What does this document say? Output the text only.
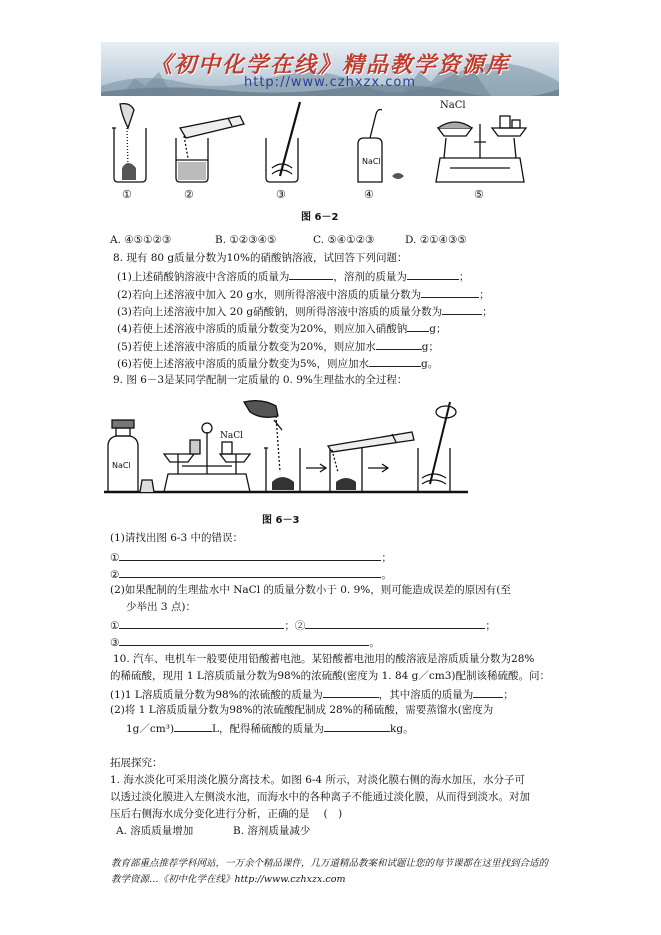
《初中化学在线》精品教学资源库
http://www.czhxzx.com
NaCl
NaCl
①	②	③	④	⑤
图 6－2
A. ④⑤①②③	B. ①②③④⑤	C. ⑤④①②③	D. ②①④③⑤
8. 现有 80 g质量分数为10%的硝酸钠溶液，试回答下列问题：
(1)上述硝酸钠溶液中含溶质的质量为	，溶剂的质量为	；
(2)若向上述溶液中加入 20 g水，则所得溶液中溶质的质量分数为	；
(3)若向上述溶液中加入 20 g硝酸钠，则所得溶液中溶质的质量分数为	；
(4)若使上述溶液中溶质的质量分数变为20%，则应加入硝酸钠 g；
(5)若使上述溶液中溶质的质量分数变为20%，则应加水	g；
(6)若使上述溶液中溶质的质量分数变为5%，则应加水	g。
9. 图 6－3是某同学配制一定质量的 0. 9%生理盐水的全过程：
NaCl
NaCl
图 6－3
(1)请找出图 6-3 中的错误：
①	；
②	。
(2)如果配制的生理盐水中 NaCl 的质量分数小于 0. 9%，则可能造成误差的原因有(至
少举出 3 点)：
①	；②	；
③	。
10. 汽车、电机车一般要使用铅酸蓄电池。某铅酸蓄电池用的酸溶液是溶质质量分数为28%
的稀硫酸，现用 1 L溶质质量分数为98%的浓硫酸(密度为 1. 84 g／cm3)配制该稀硫酸。问：
(1)1 L溶质质量分数为98%的浓硫酸的质量为	，其中溶质的质量为	；
(2)将 1 L溶质质量分数为98%的浓硫酸配制成 28%的稀硫酸，需要蒸馏水(密度为
1g／cm³)	L，配得稀硫酸的质量为	kg。
拓展探究：
1. 海水淡化可采用淡化膜分离技术。如图 6-4 所示，对淡化膜右侧的海水加压，水分子可
以透过淡化膜进入左侧淡水池，而海水中的各种离子不能通过淡化膜，从而得到淡水。对加
压后右侧海水成分变化进行分析，正确的是 (　)
A. 溶质质量增加	B. 溶剂质量减少
教育部重点推荐学科网站，一万余个精品课件，几万道精品教案和试题让您的每节课都在这里找到合适的
教学资源…《初中化学在线》http://www.czhxzx.com
